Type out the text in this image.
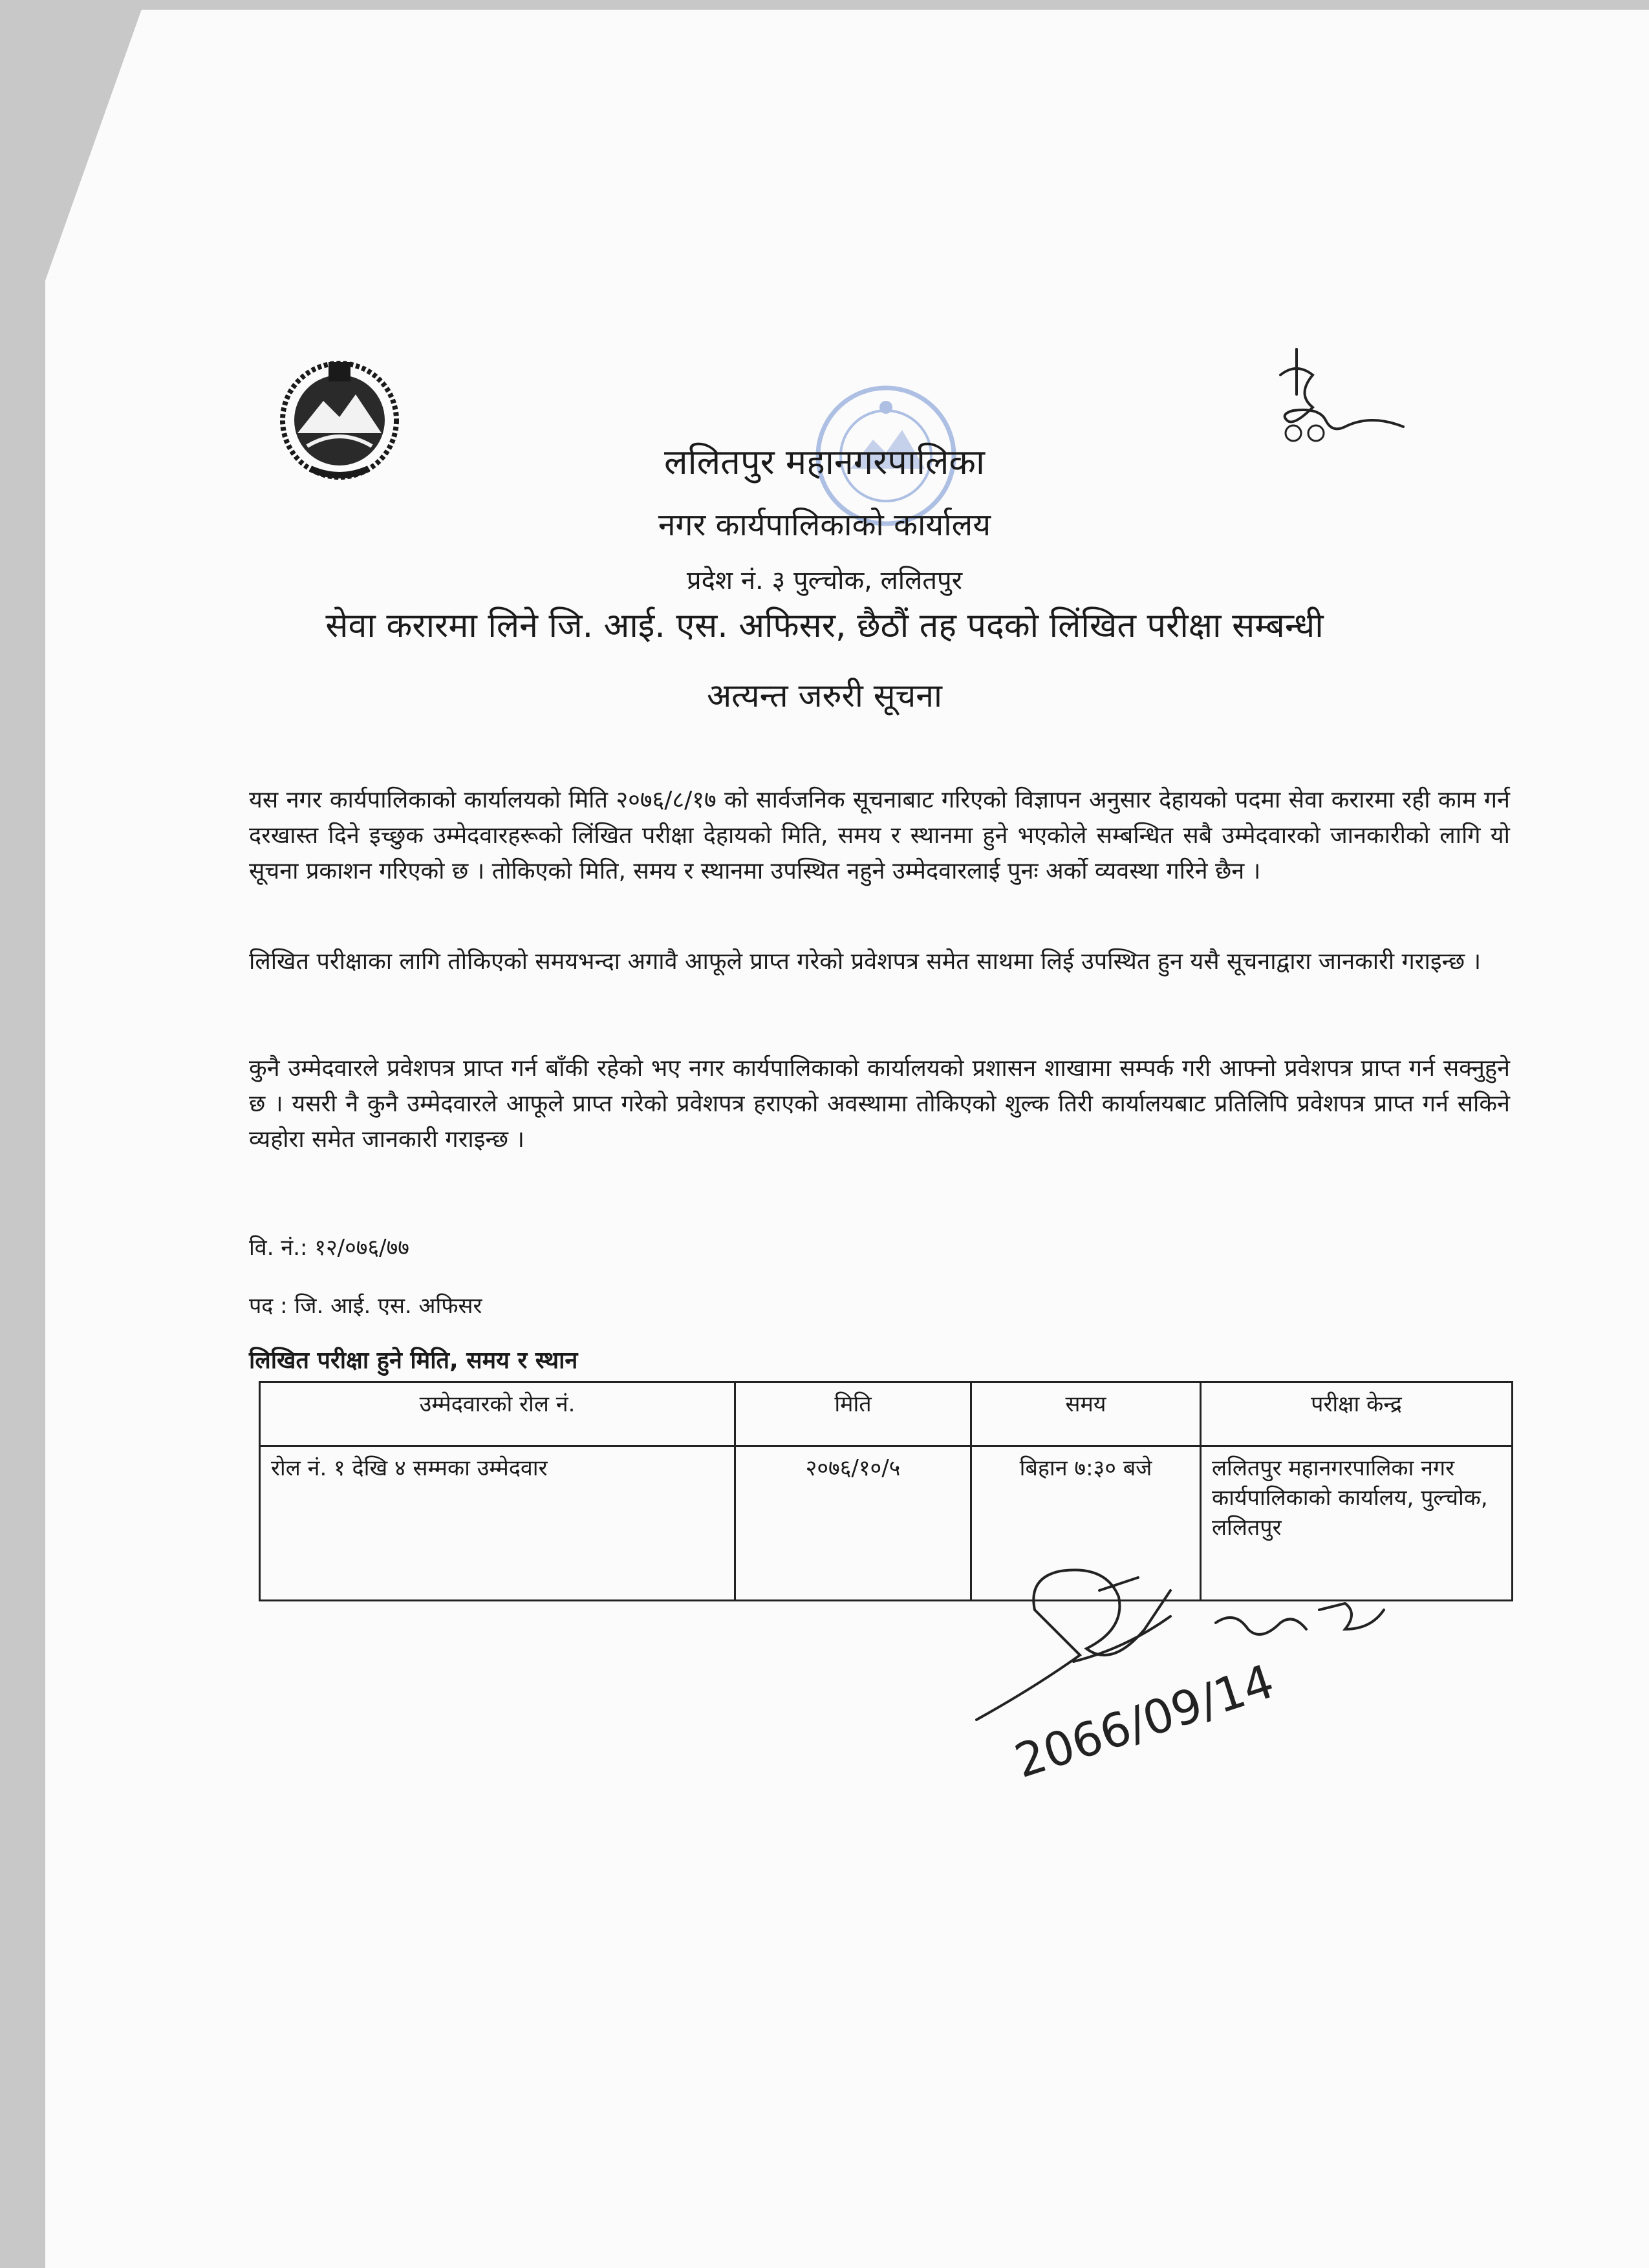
ललितपुर महानगरपालिका
नगर कार्यपालिकाको कार्यालय
प्रदेश नं. ३ पुल्चोक, ललितपुर
सेवा करारमा लिने जि. आई. एस. अफिसर, छैठौं तह पदको लिंखित परीक्षा सम्बन्धी
अत्यन्त जरुरी सूचना

यस नगर कार्यपालिकाको कार्यालयको मिति २०७६/८/१७ को सार्वजनिक सूचनाबाट गरिएको विज्ञापन अनुसार देहायको पदमा सेवा करारमा रही काम गर्न दरखास्त दिने इच्छुक उम्मेदवारहरूको लिंखित परीक्षा देहायको मिति, समय र स्थानमा हुने भएकोले सम्बन्धित सबै उम्मेदवारको जानकारीको लागि यो सूचना प्रकाशन गरिएको छ । तोकिएको मिति, समय र स्थानमा उपस्थित नहुने उम्मेदवारलाई पुनः अर्को व्यवस्था गरिने छैन ।

लिखित परीक्षाका लागि तोकिएको समयभन्दा अगावै आफूले प्राप्त गरेको प्रवेशपत्र समेत साथमा लिई उपस्थित हुन यसै सूचनाद्वारा जानकारी गराइन्छ ।

कुनै उम्मेदवारले प्रवेशपत्र प्राप्त गर्न बाँकी रहेको भए नगर कार्यपालिकाको कार्यालयको प्रशासन शाखामा सम्पर्क गरी आफ्नो प्रवेशपत्र प्राप्त गर्न सक्नुहुने छ । यसरी नै कुनै उम्मेदवारले आफूले प्राप्त गरेको प्रवेशपत्र हराएको अवस्थामा तोकिएको शुल्क तिरी कार्यालयबाट प्रतिलिपि प्रवेशपत्र प्राप्त गर्न सकिने व्यहोरा समेत जानकारी गराइन्छ ।

वि. नं.: १२/०७६/७७
पद : जि. आई. एस. अफिसर
लिखित परीक्षा हुने मिति, समय र स्थान
उम्मेदवारको रोल नं.	मिति	समय	परीक्षा केन्द्र
रोल नं. १ देखि ४ सम्मका उम्मेदवार	२०७६/१०/५	बिहान ७:३० बजे	ललितपुर महानगरपालिका नगर कार्यपालिकाको कार्यालय, पुल्चोक, ललितपुर
2066/09/14
